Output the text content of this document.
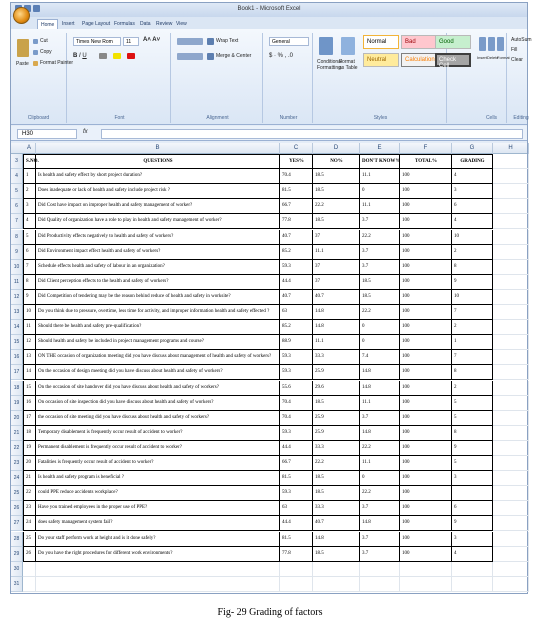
Book1 - Microsoft Excel
Home	Insert	Page Layout Formulas	Data	Review View
Paste
Cut
Copy
Format Painter
Clipboard
Times New Rom	11	A˄ A˅
B I U
Font
Wrap Text
Merge & Center
Alignment
General
$ · % , .0
Number
Conditional Formatting
Format as Table
Normal	Bad
Neutral	Calculation
Styles
Good
Check Cell
Insert Delete
Format
Cells
AutoSum
Fill
Clear
Editing
H30	fx
A	B	C	D	E	F	G	H
3	S.NO.	QUESTIONS	YES%	NO%	DON'T KNOW%	TOTAL%	GRADING
4	1	Is health and safety effect by short project duration?	70.4	18.5	11.1	100	4
5	2	Does inadequate or lack of health and safety include project risk ?	81.5	18.5	0	100	3
6	3	Did Cost have impact on improper health and safety management of worker?	66.7	22.2	11.1	100	6
7	4	Did Quality of organization have a role to play in health and safety management of worker?	77.8	18.5	3.7	100	4
8	5	Did Productivity effects negatively to health and safety of workers?	40.7	37	22.2	100	10
9	6	Did Environment impact effect health and safety of workers?	85.2	11.1	3.7	100	2
10	7	Schedule effects health and safety of labour in an organization?	59.3	37	3.7	100	8
11	8	Did Client perception effects to the health and safety of workers?	44.4	37	18.5	100	9
12	9	Did Competition of tendering may be the reason behind reduce of health and safety in worksite?	40.7	40.7	18.5	100	10
13	10	Do you think due to pressure, overtime, less time for activity, and improper information health and safety effected ?	63	14.8	22.2	100	7
14	11	Should there be health and safety pre-qualification?	85.2	14.8	0	100	2
15	12	Should health and safety be included in project management programs and course?	88.9	11.1	0	100	1
16	13	ON THE occasion of organization meeting did you have discuss about management of health and safety of workers?	59.3	33.3	7.4	100	7
17	14	On the occasion of design meeting did you have discuss about health and safety of workers?	59.3	25.9	14.8	100	8
18	15	On the occasion of site handover did you have discuss about health and safety of workers?	55.6	29.6	14.8	100	2
19	16	On occasion of site inspection did you have discuss about health and safety of workers?	70.4	18.5	11.1	100	5
20	17	the occasion of site meeting did you have discuss about health and safety of workers?	70.4	25.9	3.7	100	5
21	18	Temporary disablement is frequently occur result of accident to worker?	59.3	25.9	14.8	100	8
22	19	Permanent disablement is frequently occur result of accident to worker?	44.4	33.3	22.2	100	9
23	20	Fatalities is frequently occur result of accident to worker?	66.7	22.2	11.1	100	5
24	21	Is health and safety program is beneficial ?	81.5	18.5	0	100	3
25	22	could PPE reduce accidents workplace?	59.3	18.5	22.2	100
26	23	Have you trained employees in the proper use of PPE?	63	33.3	3.7	100	6
27	24	does safety management system fail?	44.4	40.7	14.8	100	9
28	25	Do your staff perform work at height and is it done safely?	81.5	14.8	3.7	100	3
29	26	Do you have the right procedures for different work environments?	77.8	18.5	3.7	100	4
30
31
Fig- 29 Grading of factors
